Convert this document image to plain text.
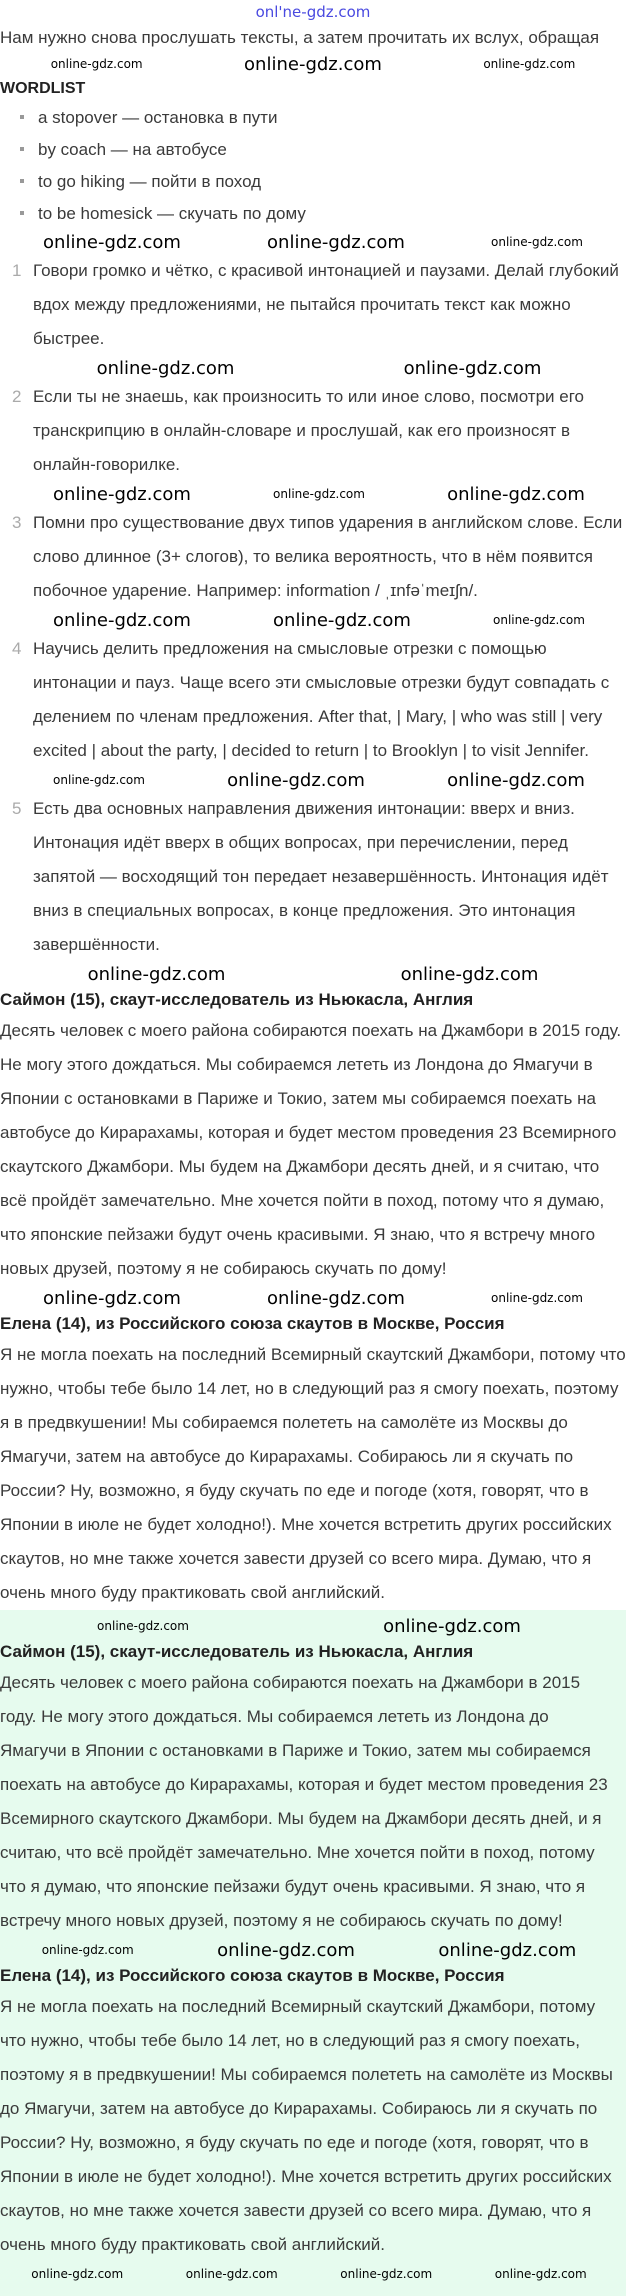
onl'ne-gdz.com

Нам нужно снова прослушать тексты, а затем прочитать их вслух, обращая

online-gdz.com	online-gdz.com	online-gdz.com
WORDLIST
a stopover — остановка в пути
by coach — на автобусе
to go hiking — пойти в поход
to be homesick — скучать по дому
online-gdz.com	online-gdz.com	online-gdz.com
1 Говори громко и чётко, с красивой интонацией и паузами. Делай глубокий вдох между предложениями, не пытайся прочитать текст как можно быстрее.
online-gdz.com	online-gdz.com
2 Если ты не знаешь, как произносить то или иное слово, посмотри его транскрипцию в онлайн-словаре и прослушай, как его произносят в онлайн-говорилке.
online-gdz.com	online-gdz.com	online-gdz.com
3 Помни про существование двух типов ударения в английском слове. Если слово длинное (3+ слогов), то велика вероятность, что в нём появится побочное ударение. Например: information / ˌɪnfəˈmeɪʃn/.
online-gdz.com	online-gdz.com	online-gdz.com
4 Научись делить предложения на смысловые отрезки с помощью интонации и пауз. Чаще всего эти смысловые отрезки будут совпадать с делением по членам предложения. After that, | Mary, | who was still | very excited | about the party, | decided to return | to Brooklyn | to visit Jennifer.
online-gdz.com	online-gdz.com	online-gdz.com
5 Есть два основных направления движения интонации: вверх и вниз. Интонация идёт вверх в общих вопросах, при перечислении, перед запятой — восходящий тон передает незавершённость. Интонация идёт вниз в специальных вопросах, в конце предложения. Это интонация завершённости.
online-gdz.com	online-gdz.com
Саймон (15), скаут-исследователь из Ньюкасла, Англия

Десять человек с моего района собираются поехать на Джамбори в 2015 году. Не могу этого дождаться. Мы собираемся лететь из Лондона до Ямагучи в Японии с остановками в Париже и Токио, затем мы собираемся поехать на автобусе до Кирарахамы, которая и будет местом проведения 23 Всемирного скаутского Джамбори. Мы будем на Джамбори десять дней, и я считаю, что всё пройдёт замечательно. Мне хочется пойти в поход, потому что я думаю, что японские пейзажи будут очень красивыми. Я знаю, что я встречу много новых друзей, поэтому я не собираюсь скучать по дому!

online-gdz.com	online-gdz.com	online-gdz.com
Елена (14), из Российского союза скаутов в Москве, Россия

Я не могла поехать на последний Всемирный скаутский Джамбори, потому что нужно, чтобы тебе было 14 лет, но в следующий раз я смогу поехать, поэтому я в предвкушении! Мы собираемся полететь на самолёте из Москвы до Ямагучи, затем на автобусе до Кирарахамы. Собираюсь ли я скучать по России? Ну, возможно, я буду скучать по еде и погоде (хотя, говорят, что в Японии в июле не будет холодно!). Мне хочется встретить других российских скаутов, но мне также хочется завести друзей со всего мира. Думаю, что я очень много буду практиковать свой английский.

online-gdz.com	online-gdz.com
Саймон (15), скаут-исследователь из Ньюкасла, Англия

Десять человек с моего района собираются поехать на Джамбори в 2015 году. Не могу этого дождаться. Мы собираемся лететь из Лондона до Ямагучи в Японии с остановками в Париже и Токио, затем мы собираемся поехать на автобусе до Кирарахамы, которая и будет местом проведения 23 Всемирного скаутского Джамбори. Мы будем на Джамбори десять дней, и я считаю, что всё пройдёт замечательно. Мне хочется пойти в поход, потому что я думаю, что японские пейзажи будут очень красивыми. Я знаю, что я встречу много новых друзей, поэтому я не собираюсь скучать по дому!

online-gdz.com	online-gdz.com	online-gdz.com
Елена (14), из Российского союза скаутов в Москве, Россия

Я не могла поехать на последний Всемирный скаутский Джамбори, потому что нужно, чтобы тебе было 14 лет, но в следующий раз я смогу поехать, поэтому я в предвкушении! Мы собираемся полететь на самолёте из Москвы до Ямагучи, затем на автобусе до Кирарахамы. Собираюсь ли я скучать по России? Ну, возможно, я буду скучать по еде и погоде (хотя, говорят, что в Японии в июле не будет холодно!). Мне хочется встретить других российских скаутов, но мне также хочется завести друзей со всего мира. Думаю, что я очень много буду практиковать свой английский.

online-gdz.com	online-gdz.com	online-gdz.com	online-gdz.com
